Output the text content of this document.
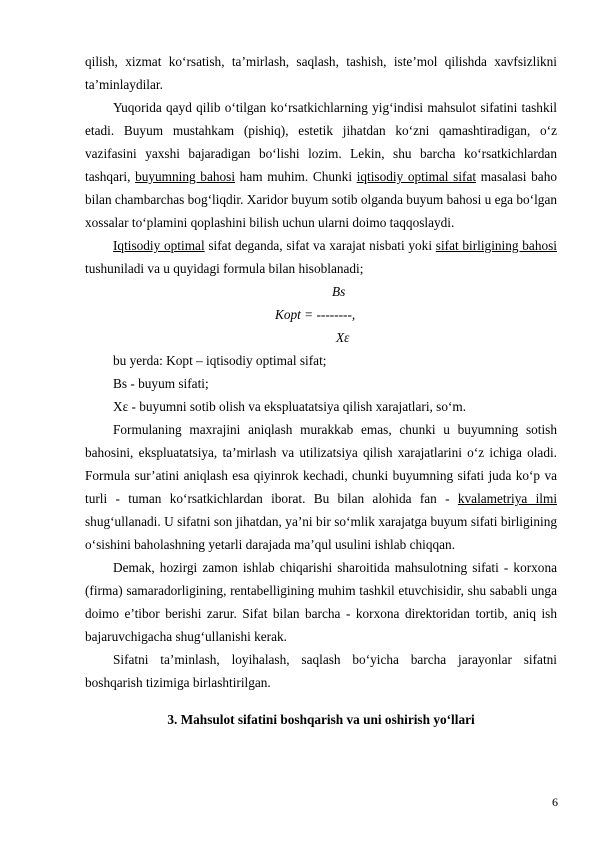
qilish, xizmat ko‘rsatish, ta’mirlash, saqlash, tashish, iste’mol qilishda xavfsizlikni ta’minlaydilar.

Yuqorida qayd qilib o‘tilgan ko‘rsatkichlarning yig‘indisi mahsulot sifatini tashkil etadi. Buyum mustahkam (pishiq), estetik jihatdan ko‘zni qamashtiradigan, o‘z vazifasini yaxshi bajaradigan bo‘lishi lozim. Lekin, shu barcha ko‘rsatkichlardan tashqari, buyumning bahosi ham muhim. Chunki iqtisodiy optimal sifat masalasi baho bilan chambarchas bog‘liqdir. Xaridor buyum sotib olganda buyum bahosi u ega bo‘lgan xossalar to‘plamini qoplashini bilish uchun ularni doimo taqqoslaydi.

Iqtisodiy optimal sifat deganda, sifat va xarajat nisbati yoki sifat birligining bahosi tushuniladi va u quyidagi formula bilan hisoblanadi;

Bs
Kopt = --------,
Xε

bu yerda: Kopt – iqtisodiy optimal sifat;

Bs - buyum sifati;

Xε - buyumni sotib olish va ekspluatatsiya qilish xarajatlari, so‘m.

Formulaning maxrajini aniqlash murakkab emas, chunki u buyumning sotish bahosini, ekspluatatsiya, ta’mirlash va utilizatsiya qilish xarajatlarini o‘z ichiga oladi. Formula sur’atini aniqlash esa qiyinrok kechadi, chunki buyumning sifati juda ko‘p va turli - tuman ko‘rsatkichlardan iborat. Bu bilan alohida fan - kvalametriya ilmi shug‘ullanadi. U sifatni son jihatdan, ya’ni bir so‘mlik xarajatga buyum sifati birligining o‘sishini baholashning yetarli darajada ma’qul usulini ishlab chiqqan.

Demak, hozirgi zamon ishlab chiqarishi sharoitida mahsulotning sifati - korxona (firma) samaradorligining, rentabelligining muhim tashkil etuvchisidir, shu sababli unga doimo e’tibor berishi zarur. Sifat bilan barcha - korxona direktoridan tortib, aniq ish bajaruvchigacha shug‘ullanishi kerak.

Sifatni ta’minlash, loyihalash, saqlash bo‘yicha barcha jarayonlar sifatni boshqarish tizimiga birlashtirilgan.

3. Mahsulot sifatini boshqarish va uni oshirish yo‘llari
6
